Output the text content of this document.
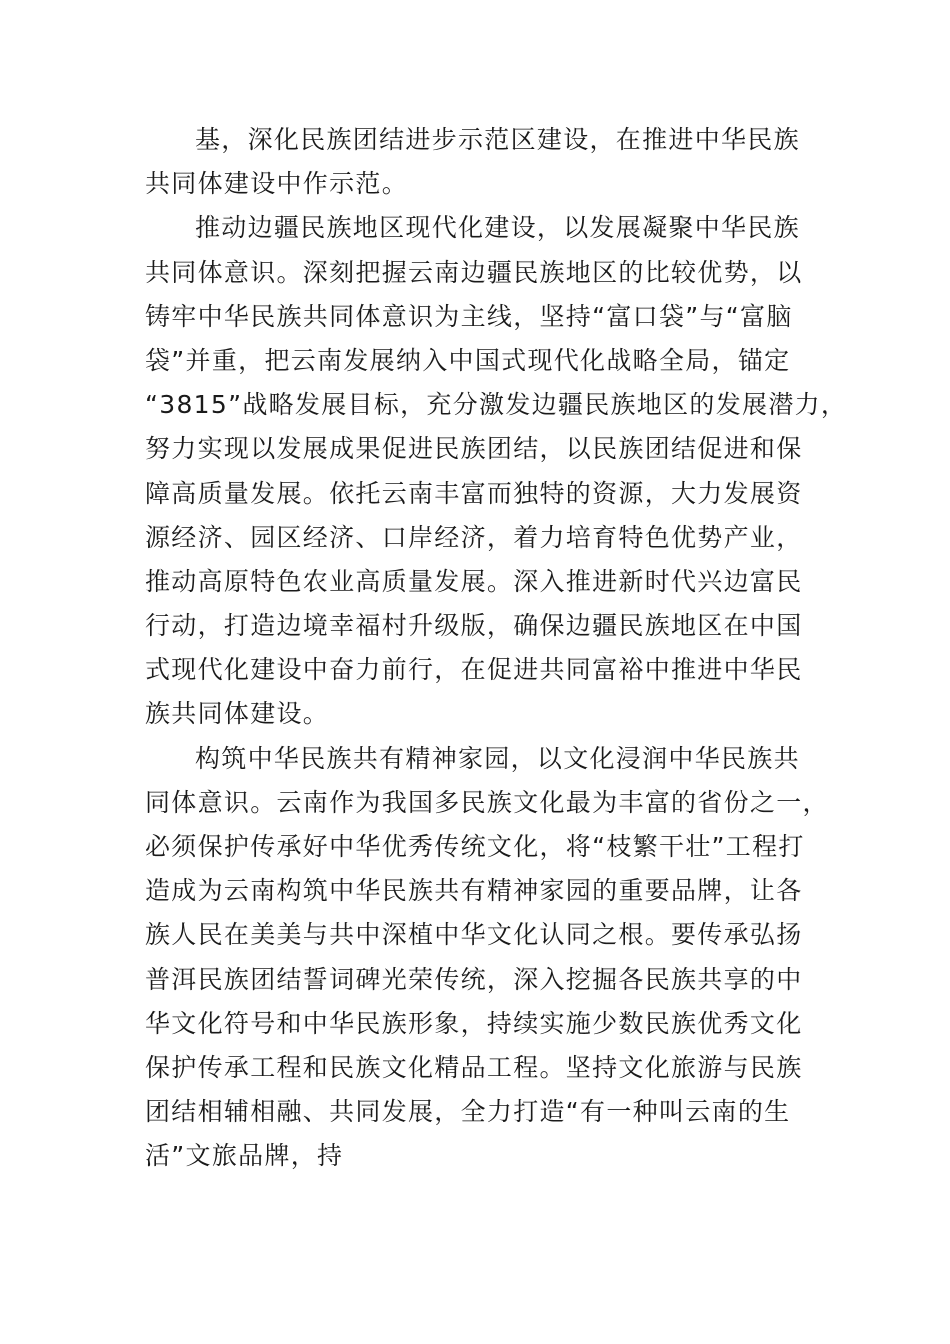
基，深化民族团结进步示范区建设，在推进中华民族
共同体建设中作示范。
推动边疆民族地区现代化建设，以发展凝聚中华民族
共同体意识。深刻把握云南边疆民族地区的比较优势，以
铸牢中华民族共同体意识为主线，坚持“富口袋”与“富脑
袋”并重，把云南发展纳入中国式现代化战略全局，锚定
“3815”战略发展目标，充分激发边疆民族地区的发展潜力，
努力实现以发展成果促进民族团结，以民族团结促进和保
障高质量发展。依托云南丰富而独特的资源，大力发展资
源经济、园区经济、口岸经济，着力培育特色优势产业，
推动高原特色农业高质量发展。深入推进新时代兴边富民
行动，打造边境幸福村升级版，确保边疆民族地区在中国
式现代化建设中奋力前行，在促进共同富裕中推进中华民
族共同体建设。
构筑中华民族共有精神家园，以文化浸润中华民族共
同体意识。云南作为我国多民族文化最为丰富的省份之一，
必须保护传承好中华优秀传统文化，将“枝繁干壮”工程打
造成为云南构筑中华民族共有精神家园的重要品牌，让各
族人民在美美与共中深植中华文化认同之根。要传承弘扬
普洱民族团结誓词碑光荣传统，深入挖掘各民族共享的中
华文化符号和中华民族形象，持续实施少数民族优秀文化
保护传承工程和民族文化精品工程。坚持文化旅游与民族
团结相辅相融、共同发展，全力打造“有一种叫云南的生
活”文旅品牌，持
